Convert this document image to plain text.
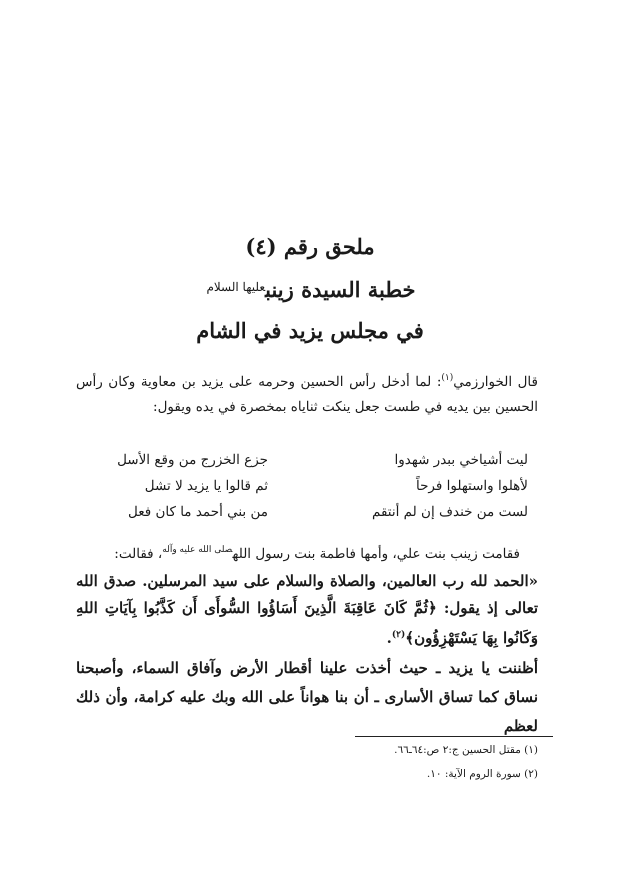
ملحق رقم (٤)
خطبة السيدة زينب$^{عليها السلام}$
في مجلس يزيد في الشام
قال الخوارزمي$^{(١)}$: لما أدخل رأس الحسين وحرمه على يزيد بن معاوية وكان رأس الحسين بين يديه في طست جعل ينكت ثناياه بمخصرة في يده ويقول:
ليت أشياخي ببدر شهدوا
جزع الخزرج من وقع الأسل
لأهلوا واستهلوا فرحاً
ثم قالوا يا يزيد لا تشل
لست من خندف إن لم أنتقم
من بني أحمد ما كان فعل
فقامت زينب بنت علي، وأمها فاطمة بنت رسول الله$^{صلى الله عليه وآله}$، فقالت:
«الحمد لله رب العالمين، والصلاة والسلام على سيد المرسلين. صدق الله تعالى إذ يقول: ﴿ثُمَّ كَانَ عَاقِبَةَ الَّذِينَ أَسَاؤُوا السُّوأَى أَن كَذَّبُوا بِآيَاتِ اللهِ وَكَانُوا بِهَا يَسْتَهْزِؤُون﴾$^{(٢)}$.
أظننت يا يزيد ـ حيث أخذت علينا أقطار الأرض وآفاق السماء، وأصبحنا نساق كما تساق الأسارى ـ أن بنا هواناً على الله وبك عليه كرامة، وأن ذلك لعظم
(١) مقتل الحسين ج:٢ ص:٦٤ـ٦٦.
(٢) سورة الروم الآية: ١٠.
